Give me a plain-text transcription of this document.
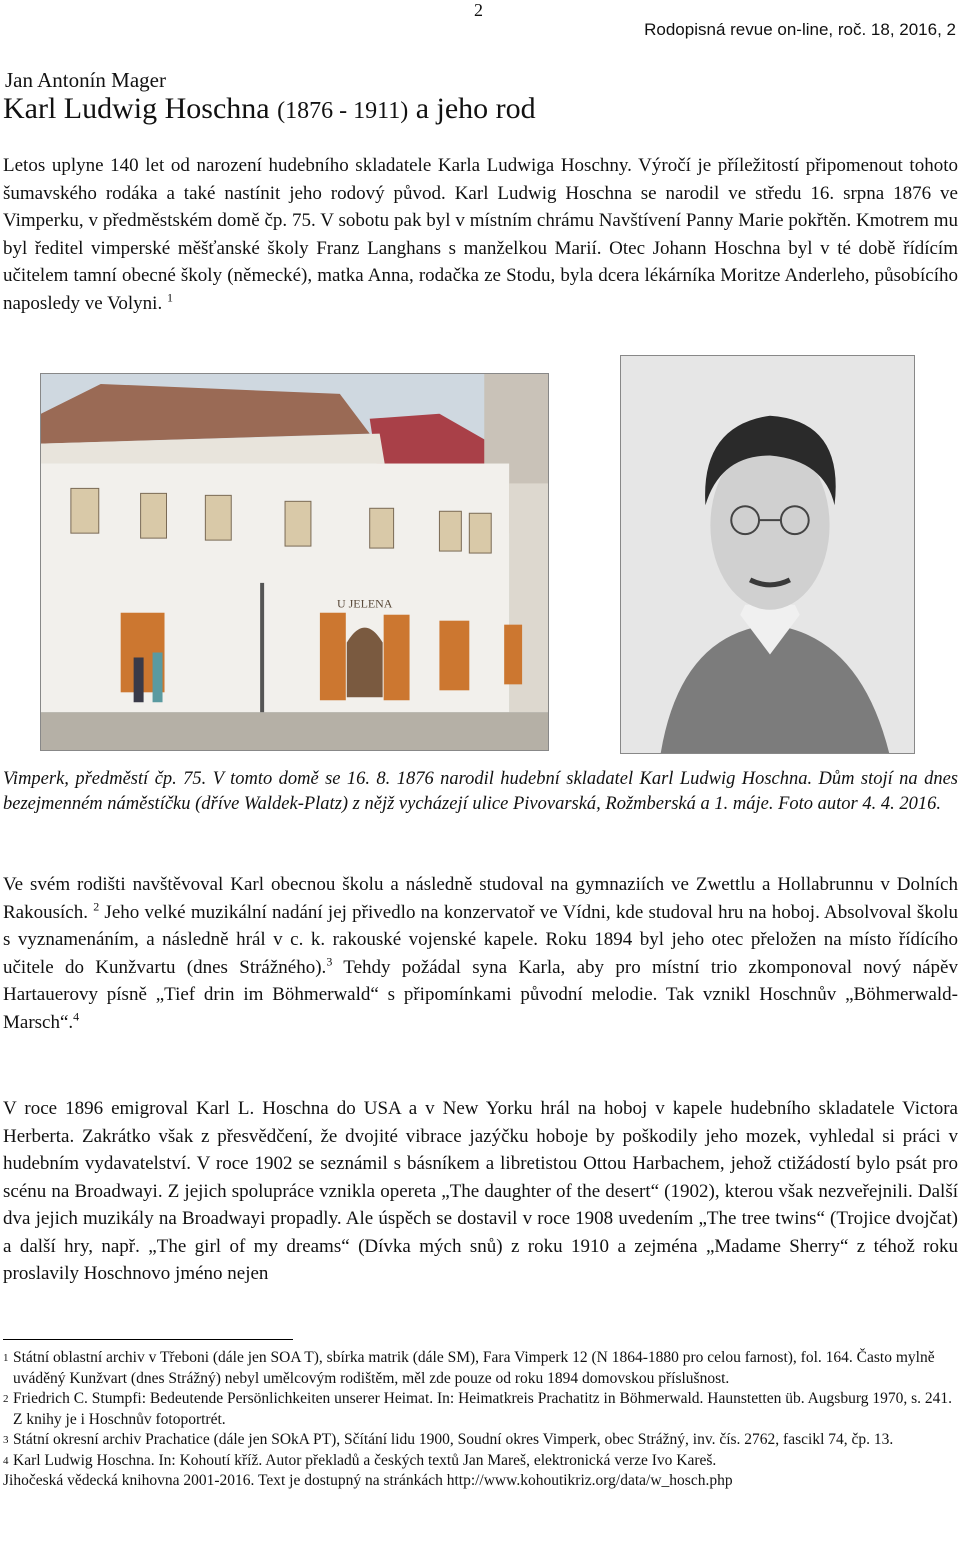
2
Rodopisná revue on-line, roč. 18, 2016, 2
Jan Antonín Mager
Karl Ludwig Hoschna (1876 - 1911) a jeho rod

Letos uplyne 140 let od narození hudebního skladatele Karla Ludwiga Hoschny. Výročí je příležitostí připomenout tohoto šumavského rodáka a také nastínit jeho rodový původ. Karl Ludwig Hoschna se narodil ve středu 16. srpna 1876 ve Vimperku, v předměstském domě čp. 75. V sobotu pak byl v místním chrámu Navštívení Panny Marie pokřtěn. Kmotrem mu byl ředitel vimperské měšťanské školy Franz Langhans s manželkou Marií. Otec Johann Hoschna byl v té době řídícím učitelem tamní obecné školy (německé), matka Anna, rodačka ze Stodu, byla dcera lékárníka Moritze Anderleho, působícího naposledy ve Volyni. $^1$

U JELENA

Vimperk, předměstí čp. 75. V tomto domě se 16. 8. 1876 narodil hudební skladatel Karl Ludwig Hoschna. Dům stojí na dnes bezejmenném náměstíčku (dříve Waldek-Platz) z nějž vycházejí ulice Pivovarská, Rožmberská a 1. máje. Foto autor 4. 4. 2016.

Ve svém rodišti navštěvoval Karl obecnou školu a následně studoval na gymnaziích ve Zwettlu a Hollabrunnu v Dolních Rakousích. $^2$ Jeho velké muzikální nadání jej přivedlo na konzervatoř ve Vídni, kde studoval hru na hoboj. Absolvoval školu s vyznamenáním, a následně hrál v c. k. rakouské vojenské kapele. Roku 1894 byl jeho otec přeložen na místo řídícího učitele do Kunžvartu (dnes Strážného).$^3$ Tehdy požádal syna Karla, aby pro místní trio zkomponoval nový nápěv Hartauerovy písně „Tief drin im Böhmerwald“ s připomínkami původní melodie. Tak vznikl Hoschnův „Böhmerwald-Marsch“.$^4$

V roce 1896 emigroval Karl L. Hoschna do USA a v New Yorku hrál na hoboj v kapele hudebního skladatele Victora Herberta. Zakrátko však z přesvědčení, že dvojité vibrace jazýčku hoboje by poškodily jeho mozek, vyhledal si práci v hudebním vydavatelství. V roce 1902 se seznámil s básníkem a libretistou Ottou Harbachem, jehož ctižádostí bylo psát pro scénu na Broadwayi. Z jejich spolupráce vznikla opereta „The daughter of the desert“ (1902), kterou však nezveřejnili. Další dva jejich muzikály na Broadwayi propadly. Ale úspěch se dostavil v roce 1908 uvedením „The tree twins“ (Trojice dvojčat) a další hry, např. „The girl of my dreams“ (Dívka mých snů) z roku 1910 a zejména „Madame Sherry“ z téhož roku proslavily Hoschnovo jméno nejen

1 Státní oblastní archiv v Třeboni (dále jen SOA T), sbírka matrik (dále SM), Fara Vimperk 12 (N 1864-1880 pro celou farnost), fol. 164. Často mylně uváděný Kunžvart (dnes Strážný) nebyl umělcovým rodištěm, měl zde pouze od roku 1894 domovskou příslušnost.

2 Friedrich C. Stumpfi: Bedeutende Persönlichkeiten unserer Heimat. In: Heimatkreis Prachatitz in Böhmerwald. Haunstetten üb. Augsburg 1970, s. 241. Z knihy je i Hoschnův fotoportrét.

3 Státní okresní archiv Prachatice (dále jen SOkA PT), Sčítání lidu 1900, Soudní okres Vimperk, obec Strážný, inv. čís. 2762, fascikl 74, čp. 13.

4 Karl Ludwig Hoschna. In: Kohoutí kříž. Autor překladů a českých textů Jan Mareš, elektronická verze Ivo Kareš.

Jihočeská vědecká knihovna 2001-2016. Text je dostupný na stránkách http://www.kohoutikriz.org/data/w_hosch.php
